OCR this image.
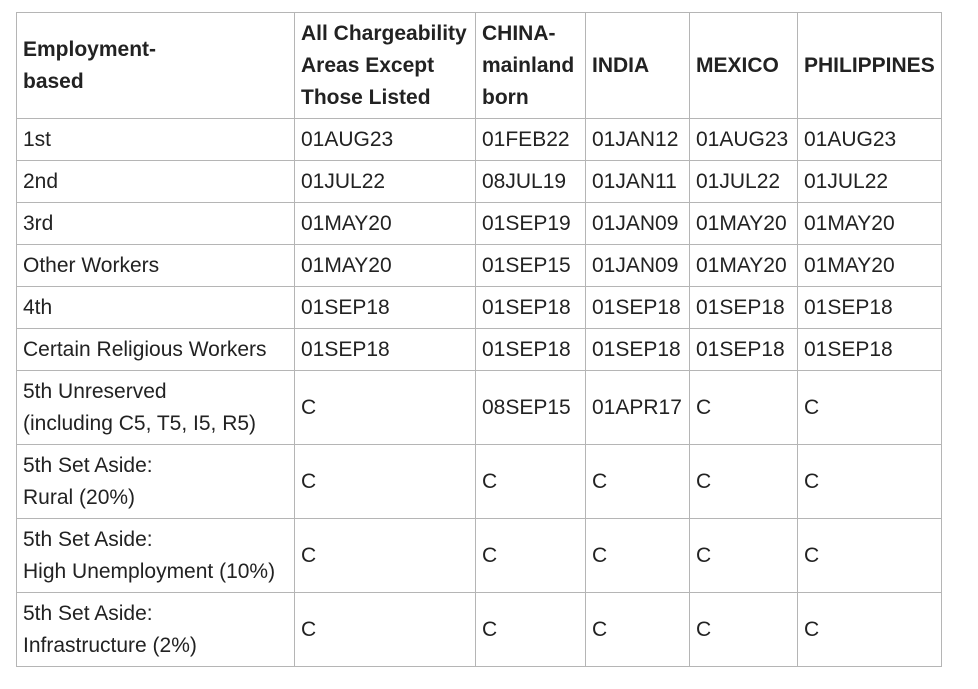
Employment-
based	All Chargeability
Areas Except
Those Listed	CHINA-
mainland
born	INDIA	MEXICO	PHILIPPINES

1st	01AUG23	01FEB22	01JAN12	01AUG23	01AUG23

2nd	01JUL22	08JUL19	01JAN11	01JUL22	01JUL22

3rd	01MAY20	01SEP19	01JAN09	01MAY20	01MAY20

Other Workers	01MAY20	01SEP15	01JAN09	01MAY20	01MAY20

4th	01SEP18	01SEP18	01SEP18	01SEP18	01SEP18

Certain Religious Workers	01SEP18	01SEP18	01SEP18	01SEP18	01SEP18

5th Unreserved
(including C5, T5, I5, R5)	C	08SEP15	01APR17	C	C

5th Set Aside:
Rural (20%)	C	C	C	C	C

5th Set Aside:
High Unemployment (10%)	C	C	C	C	C

5th Set Aside:
Infrastructure (2%)	C	C	C	C	C
